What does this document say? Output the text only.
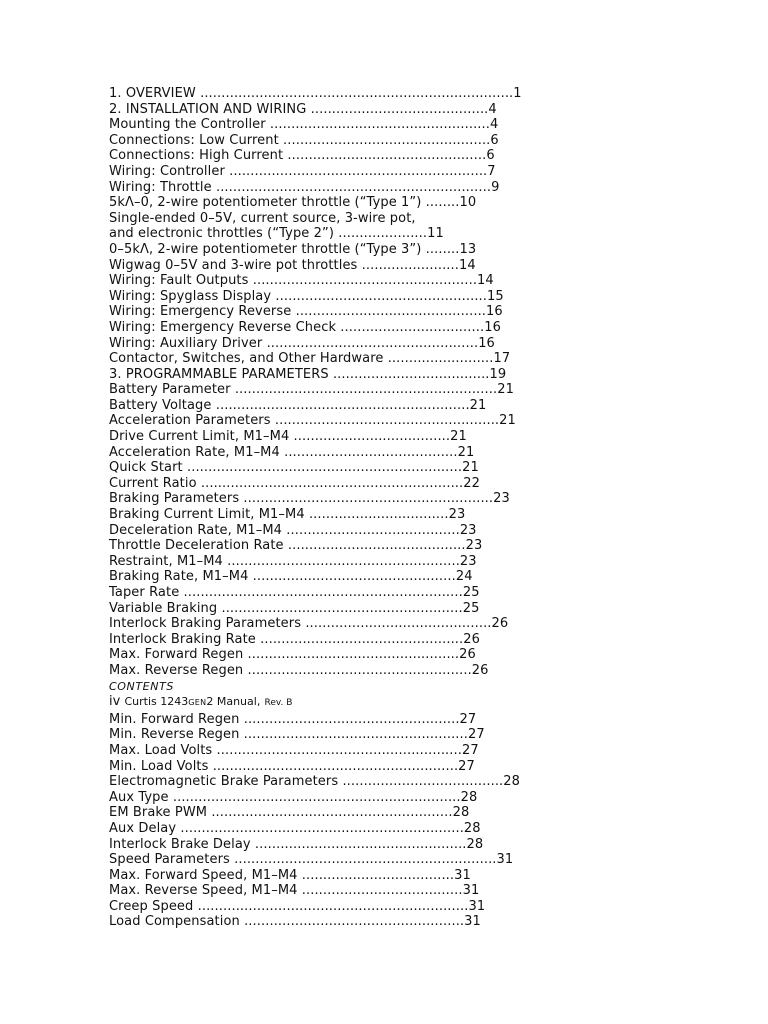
1. OVERVIEW ..........................................................................1
2. INSTALLATION AND WIRING ..........................................4
Mounting the Controller ....................................................4
Connections: Low Current .................................................6
Connections: High Current ...............................................6
Wiring: Controller .............................................................7
Wiring: Throttle .................................................................9
5kΛ–0, 2-wire potentiometer throttle (“Type 1”) ........10
Single-ended 0–5V, current source, 3-wire pot,
and electronic throttles (“Type 2”) .....................11
0–5kΛ, 2-wire potentiometer throttle (“Type 3”) ........13
Wigwag 0–5V and 3-wire pot throttles .......................14
Wiring: Fault Outputs .....................................................14
Wiring: Spyglass Display ..................................................15
Wiring: Emergency Reverse .............................................16
Wiring: Emergency Reverse Check ..................................16
Wiring: Auxiliary Driver ..................................................16
Contactor, Switches, and Other Hardware .........................17
3. PROGRAMMABLE PARAMETERS .....................................19
Battery Parameter ..............................................................21
Battery Voltage ............................................................21
Acceleration Parameters .....................................................21
Drive Current Limit, M1–M4 .....................................21
Acceleration Rate, M1–M4 .........................................21
Quick Start .................................................................21
Current Ratio ..............................................................22
Braking Parameters ...........................................................23
Braking Current Limit, M1–M4 .................................23
Deceleration Rate, M1–M4 .........................................23
Throttle Deceleration Rate ..........................................23
Restraint, M1–M4 .......................................................23
Braking Rate, M1–M4 ................................................24
Taper Rate ..................................................................25
Variable Braking .........................................................25
Interlock Braking Parameters ............................................26
Interlock Braking Rate ................................................26
Max. Forward Regen ..................................................26
Max. Reverse Regen .....................................................26
CONTENTS
iv Curtis 1243GEN2 Manual, Rev. B
Min. Forward Regen ...................................................27
Min. Reverse Regen .....................................................27
Max. Load Volts ..........................................................27
Min. Load Volts ..........................................................27
Electromagnetic Brake Parameters ......................................28
Aux Type ....................................................................28
EM Brake PWM .........................................................28
Aux Delay ...................................................................28
Interlock Brake Delay ..................................................28
Speed Parameters ..............................................................31
Max. Forward Speed, M1–M4 ....................................31
Max. Reverse Speed, M1–M4 ......................................31
Creep Speed ................................................................31
Load Compensation ....................................................31
